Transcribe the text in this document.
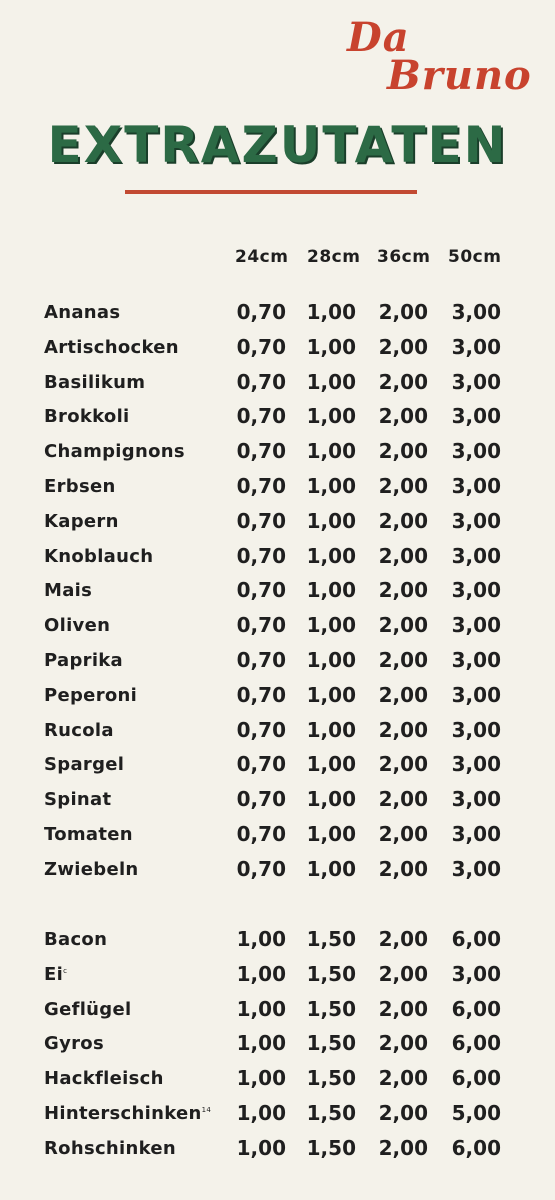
Da
Bruno
EXTRAZUTATEN
24cm 28cm 36cm 50cm
Ananas	0,70	1,00	2,00	3,00
Artischocken	0,70	1,00	2,00	3,00
Basilikum	0,70	1,00	2,00	3,00
Brokkoli	0,70	1,00	2,00	3,00
Champignons	0,70	1,00	2,00	3,00
Erbsen	0,70	1,00	2,00	3,00
Kapern	0,70	1,00	2,00	3,00
Knoblauch	0,70	1,00	2,00	3,00
Mais	0,70	1,00	2,00	3,00
Oliven	0,70	1,00	2,00	3,00
Paprika	0,70	1,00	2,00	3,00
Peperoni	0,70	1,00	2,00	3,00
Rucola	0,70	1,00	2,00	3,00
Spargel	0,70	1,00	2,00	3,00
Spinat	0,70	1,00	2,00	3,00
Tomaten	0,70	1,00	2,00	3,00
Zwiebeln	0,70	1,00	2,00	3,00
Bacon	1,00	1,50	2,00	6,00
Ei$^c$	1,00	1,50	2,00	3,00
Geflügel	1,00	1,50	2,00	6,00
Gyros	1,00	1,50	2,00	6,00
Hackfleisch	1,00	1,50	2,00	6,00
Hinterschinken$^{14}$	1,00	1,50	2,00	5,00
Rohschinken	1,00	1,50	2,00	6,00
